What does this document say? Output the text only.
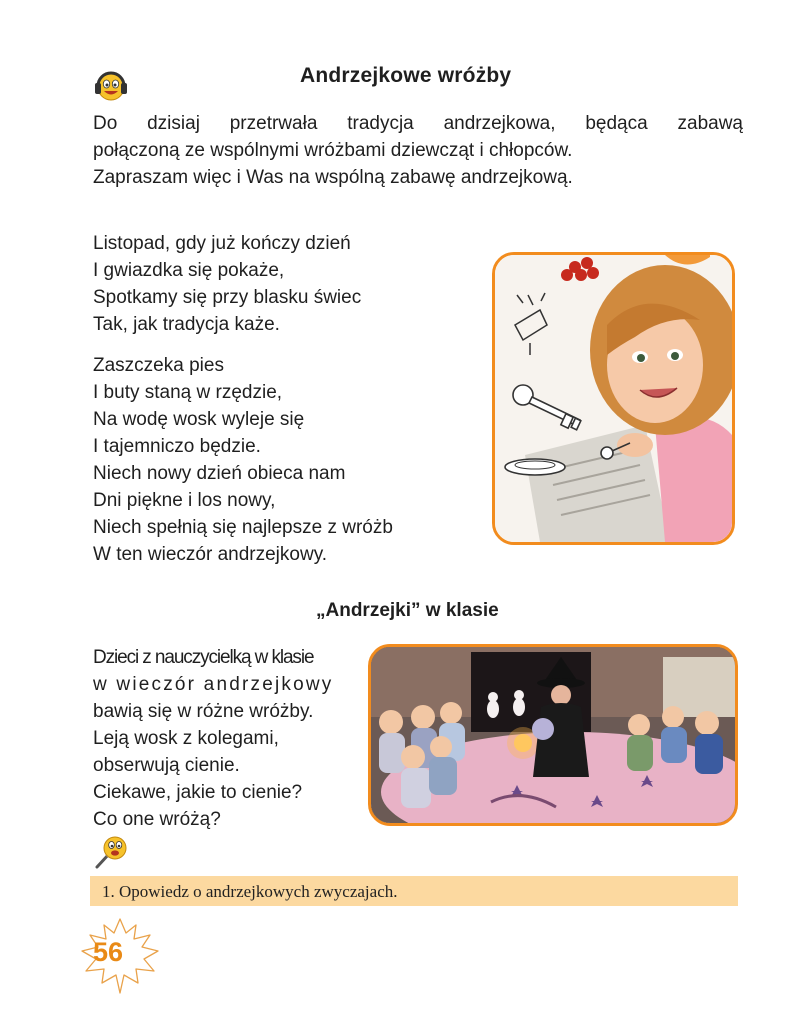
Andrzejkowe wróżby
Do dzisiaj przetrwała tradycja andrzejkowa, będąca zabawą
połączoną ze wspólnymi wróżbami dziewcząt i chłopców.
Zapraszam więc i Was na wspólną zabawę andrzejkową.
Listopad, gdy już kończy dzień
I gwiazdka się pokaże,
Spotkamy się przy blasku świec
Tak, jak tradycja każe.
Zaszczeka pies
I buty staną w rzędzie,
Na wodę wosk wyleje się
I tajemniczo będzie.
Niech nowy dzień obieca nam
Dni piękne i los nowy,
Niech spełnią się najlepsze z wróżb
W ten wieczór andrzejkowy.
„Andrzejki” w klasie
Dzieci z nauczycielką w klasie
w wieczór andrzejkowy
bawią się w różne wróżby.
Leją wosk z kolegami,
obserwują cienie.
Ciekawe, jakie to cienie?
Co one wróżą?
1. Opowiedz o andrzejkowych zwyczajach.
56
